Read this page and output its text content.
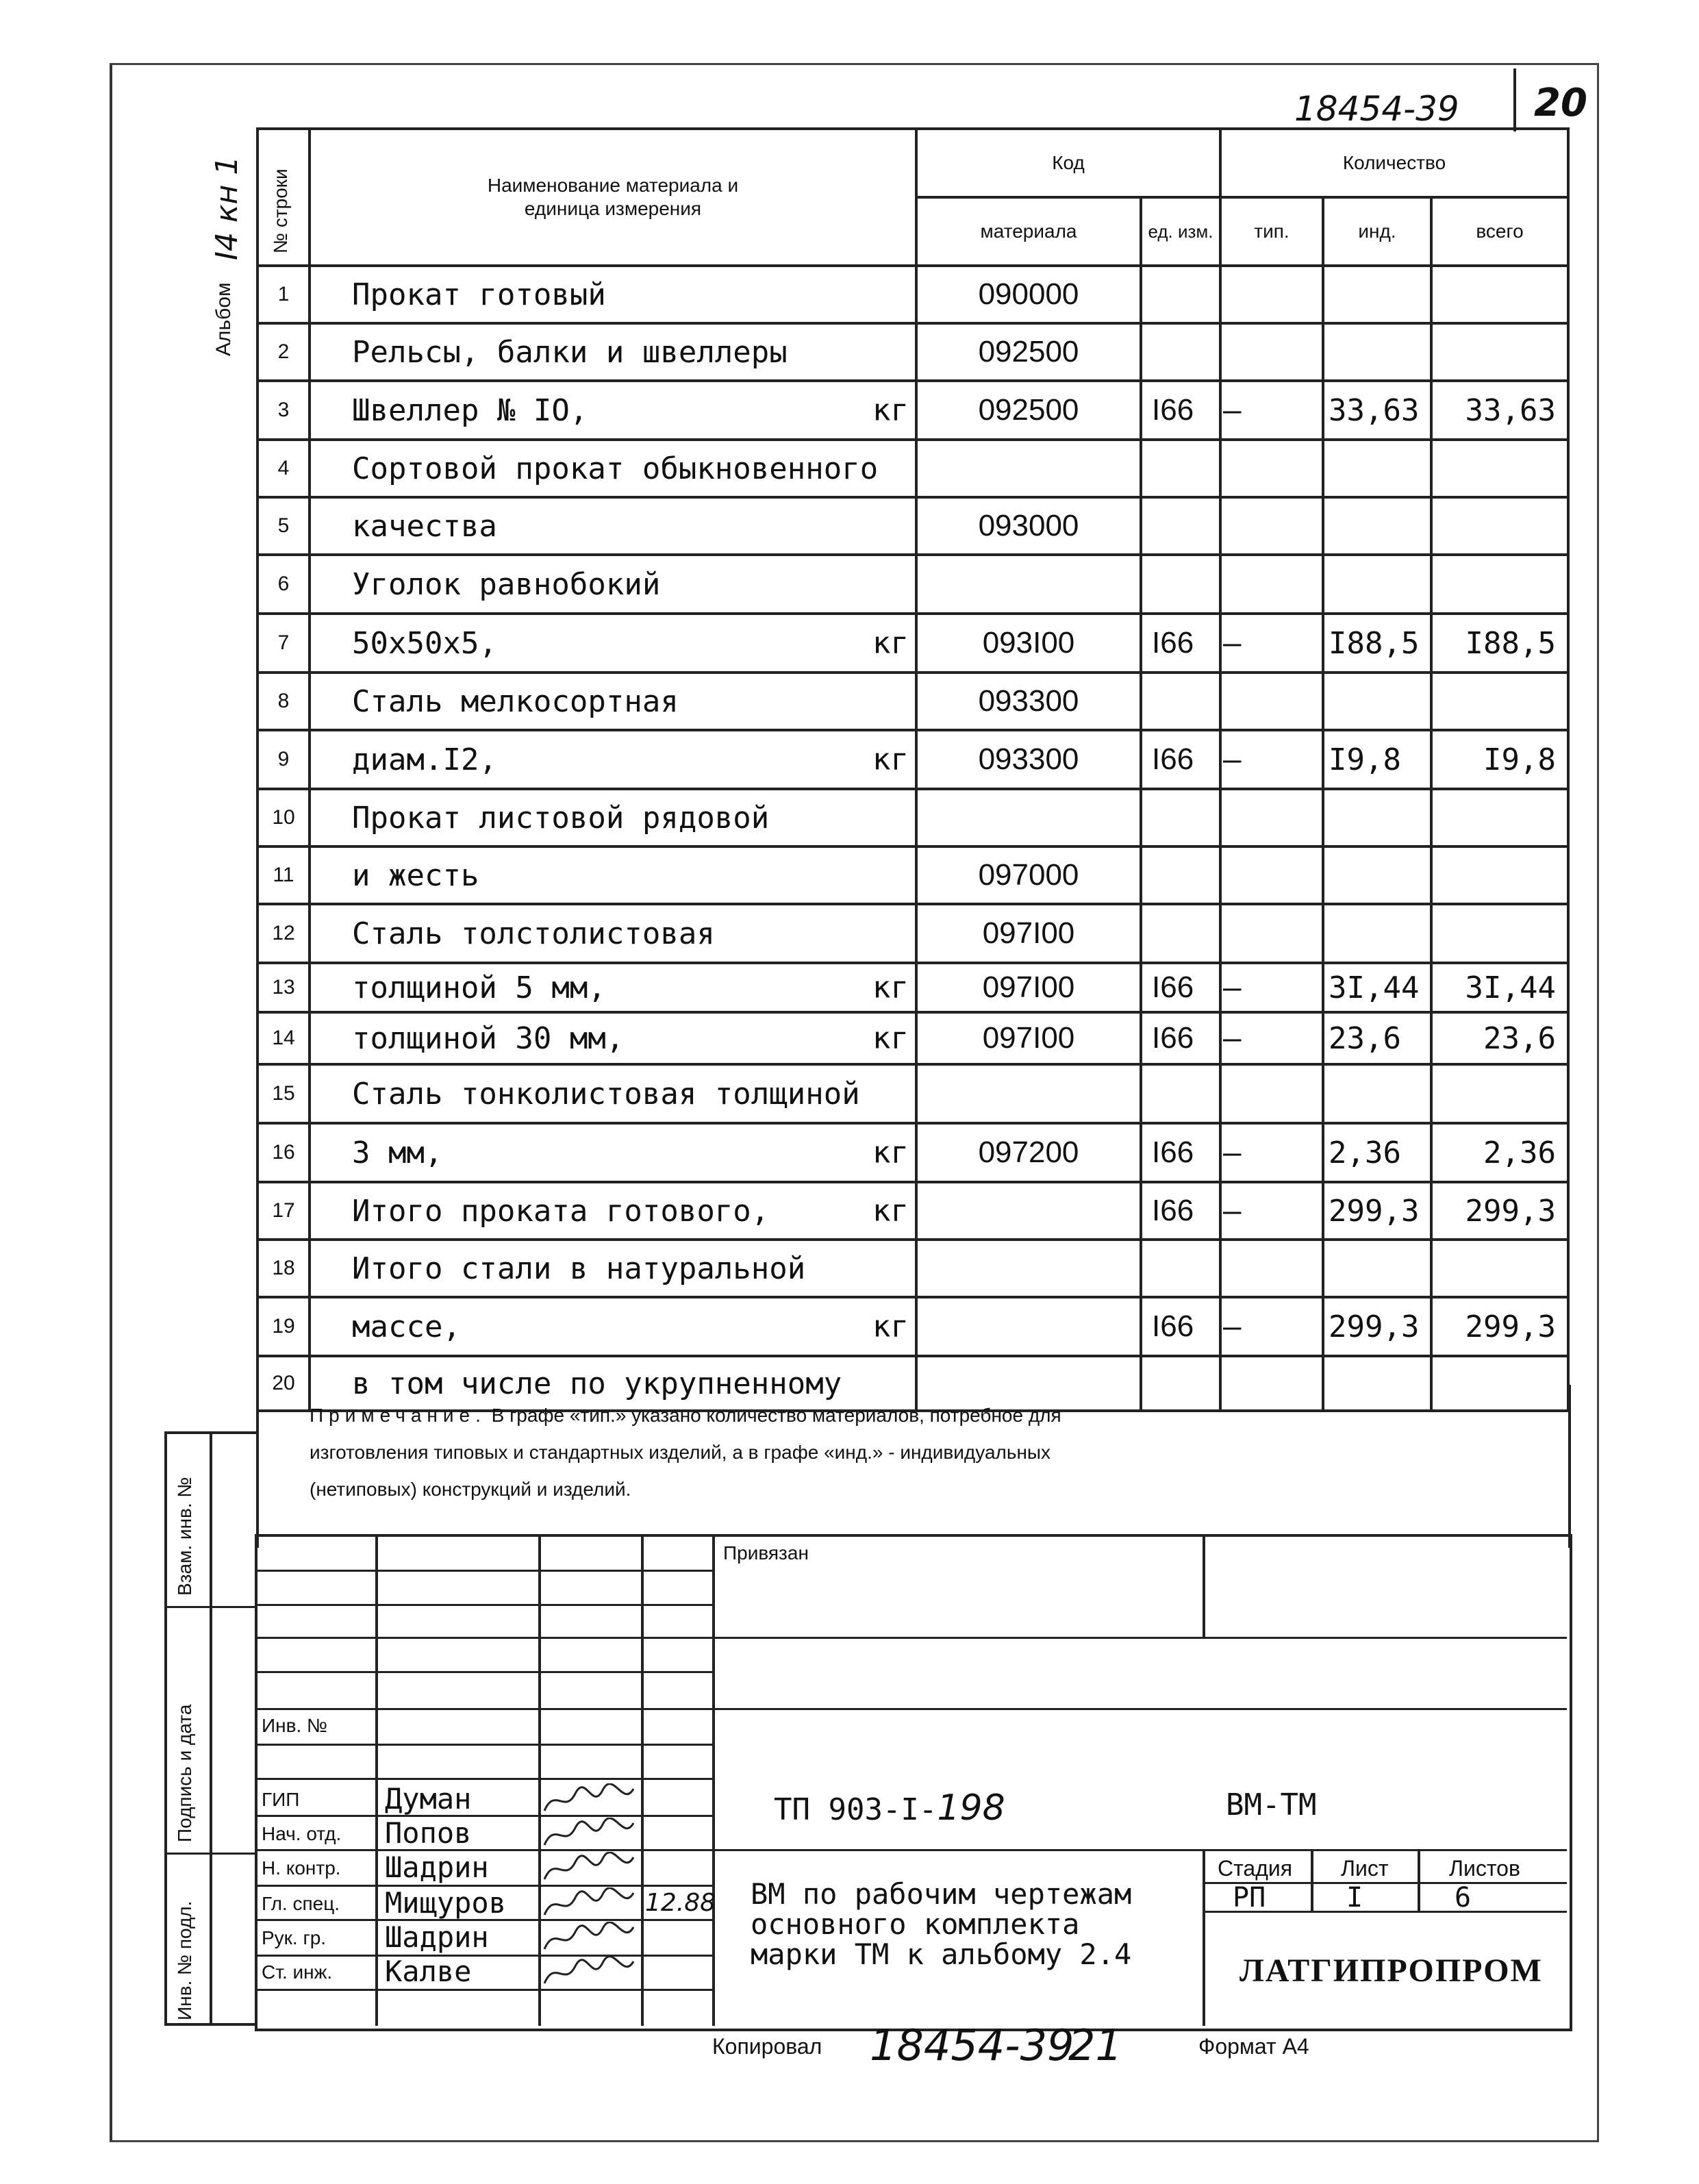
18454-39 20
Альбом
I4 кн 1 № строки	Наименование материала и единица измерения	Код		Количество		
		материала	ед. изм.	тип.	инд.	всего
1	Прокат готовый	090000				
2	Рельсы, балки и швеллеры	092500				
3	Швеллер № IO, кг	092500	I66	–	33,63	33,63
4	Сортовой прокат обыкновенного

5	качества	093000				
6	Уголок равнобокий

7	50x50x5, кг	093I00	I66	–	I88,5	I88,5
8	Сталь мелкосортная	093300				
9	диам.I2, кг	093300	I66	–	I9,8	I9,8
10	Прокат листовой рядовой

11	и жесть	097000				
12	Сталь толстолистовая	097I00				
13	толщиной 5 мм, кг	097I00	I66	–	3I,44	3I,44
14	толщиной 30 мм, кг	097I00	I66	–	23,6	23,6
15	Сталь тонколистовая толщиной

16	3 мм, кг	097200	I66	–	2,36	2,36
17	Итого проката готового, кг		I66	–	299,3	299,3
18	Итого стали в натуральной

19	массе, кг		I66	–	299,3	299,3
20	в том числе по укрупненному

Примечание. В графе «тип.» указано количество материалов, потребное для
изготовления типовых и стандартных изделий, а в графе «инд.» - индивидуальных
(нетиповых) конструкций и изделий.
Взам. инв. №
Подпись и дата
Инв. № подл.
Привязан
Инв. №
ГИП	Думан
Нач. отд. Попов
Н. контр. Шадрин
Гл. спец. Мищуров
Рук. гр. Шадрин
Ст. инж. Калве
12.88
ТП 903-I-198	ВМ-ТМ
ВМ по рабочим чертежам
основного комплекта
марки ТМ к альбому 2.4
Стадия Лист	Листов
РП	I	6
ЛАТГИПРОПРОМ
Копировал 18454-39
21	Формат А4
